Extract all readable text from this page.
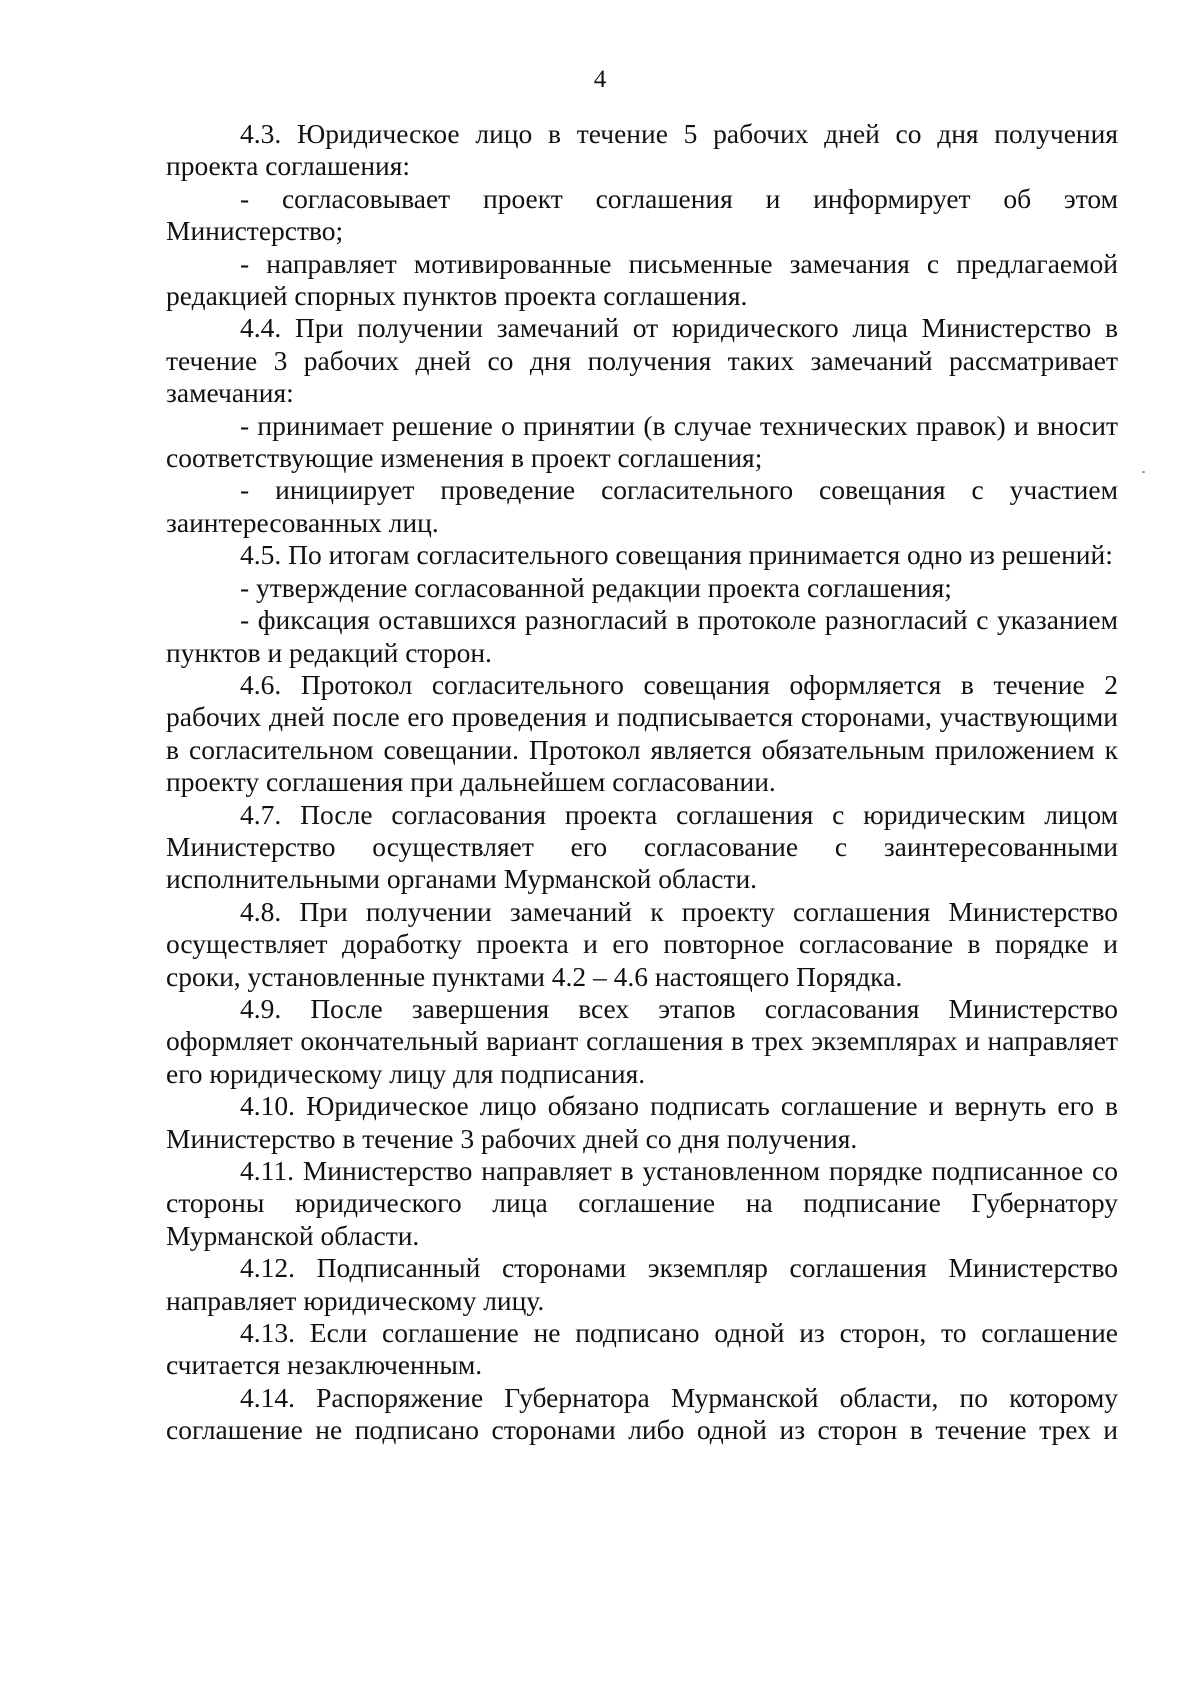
4

4.3. Юридическое лицо в течение 5 рабочих дней со дня получения проекта соглашения:

- согласовывает проект соглашения и информирует об этом Министерство;

- направляет мотивированные письменные замечания с предлагаемой редакцией спорных пунктов проекта соглашения.

4.4. При получении замечаний от юридического лица Министерство в течение 3 рабочих дней со дня получения таких замечаний рассматривает замечания:

- принимает решение о принятии (в случае технических правок) и вносит соответствующие изменения в проект соглашения;

- инициирует проведение согласительного совещания с участием заинтересованных лиц.

4.5. По итогам согласительного совещания принимается одно из решений:

- утверждение согласованной редакции проекта соглашения;

- фиксация оставшихся разногласий в протоколе разногласий с указанием пунктов и редакций сторон.

4.6. Протокол согласительного совещания оформляется в течение 2 рабочих дней после его проведения и подписывается сторонами, участвующими в согласительном совещании. Протокол является обязательным приложением к проекту соглашения при дальнейшем согласовании.

4.7. После согласования проекта соглашения с юридическим лицом Министерство осуществляет его согласование с заинтересованными исполнительными органами Мурманской области.

4.8. При получении замечаний к проекту соглашения Министерство осуществляет доработку проекта и его повторное согласование в порядке и сроки, установленные пунктами 4.2 – 4.6 настоящего Порядка.

4.9. После завершения всех этапов согласования Министерство оформляет окончательный вариант соглашения в трех экземплярах и направляет его юридическому лицу для подписания.

4.10. Юридическое лицо обязано подписать соглашение и вернуть его в Министерство в течение 3 рабочих дней со дня получения.

4.11. Министерство направляет в установленном порядке подписанное со стороны юридического лица соглашение на подписание Губернатору Мурманской области.

4.12. Подписанный сторонами экземпляр соглашения Министерство направляет юридическому лицу.

4.13. Если соглашение не подписано одной из сторон, то соглашение считается незаключенным.

4.14. Распоряжение Губернатора Мурманской области, по которому соглашение не подписано сторонами либо одной из сторон в течение трех и
